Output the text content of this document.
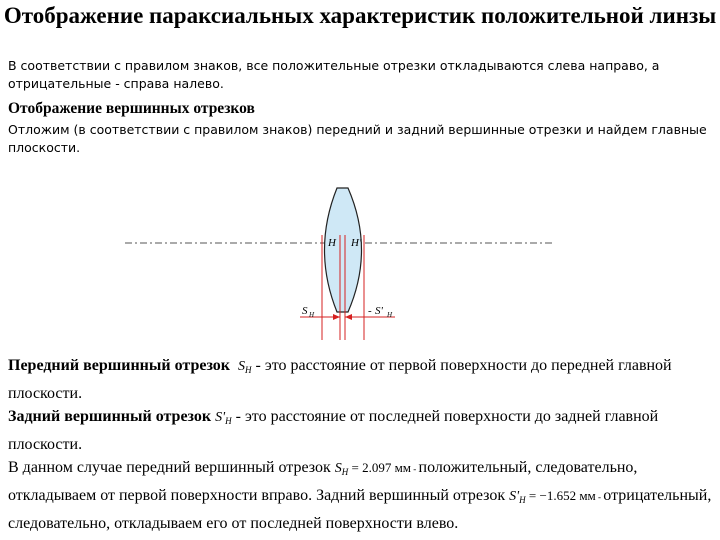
Отображение параксиальных характеристик положительной линзы
В соответствии с правилом знаков, все положительные отрезки откладываются слева направо, а отрицательные - справа налево.
Отображение вершинных отрезков
Отложим (в соответствии с правилом знаков) передний и задний вершинные отрезки и найдем главные плоскости.
H H'
S H	- S' H

Передний вершинный отрезок $S_H$ - это расстояние от первой поверхности до передней главной плоскости.

Задний вершинный отрезок $S'_H$ - это расстояние от последней поверхности до задней главной плоскости.

В данном случае передний вершинный отрезок $S_H = 2.097$ мм - положительный, следовательно, откладываем от первой поверхности вправо. Задний вершинный отрезок $S'_H = -1.652$ мм - отрицательный, следовательно, откладываем его от последней поверхности влево.
